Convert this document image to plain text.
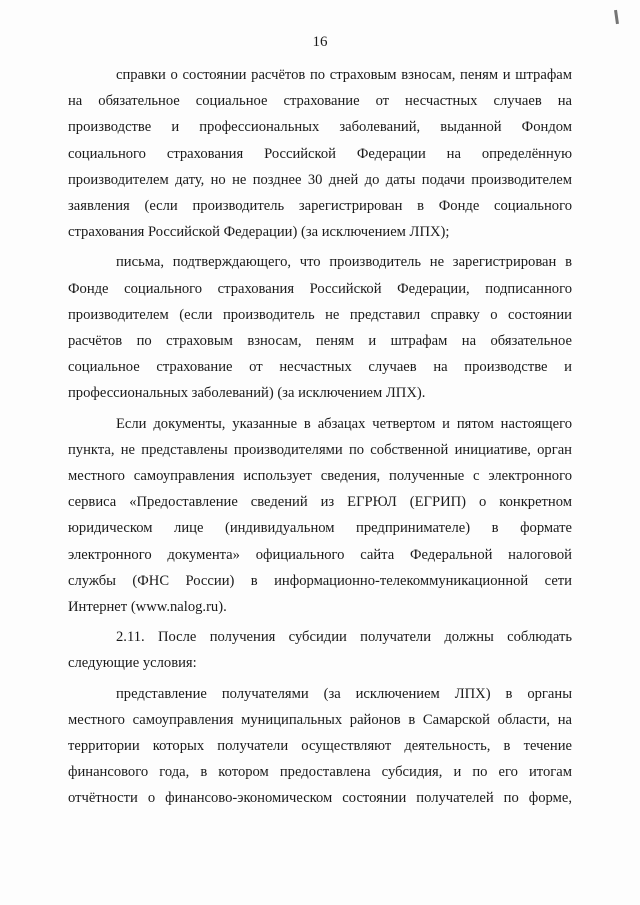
16
справки о состоянии расчётов по страховым взносам, пеням и штрафам
на обязательное социальное страхование от несчастных случаев на
производстве и профессиональных заболеваний, выданной Фондом
социального страхования Российской Федерации на определённую
производителем дату, но не позднее 30 дней до даты подачи производителем
заявления (если производитель зарегистрирован в Фонде социального
страхования Российской Федерации) (за исключением ЛПХ);
письма, подтверждающего, что производитель не зарегистрирован в
Фонде социального страхования Российской Федерации, подписанного
производителем (если производитель не представил справку о состоянии
расчётов по страховым взносам, пеням и штрафам на обязательное
социальное страхование от несчастных случаев на производстве и
профессиональных заболеваний) (за исключением ЛПХ).
Если документы, указанные в абзацах четвертом и пятом настоящего
пункта, не представлены производителями по собственной инициативе, орган
местного самоуправления использует сведения, полученные с электронного
сервиса «Предоставление сведений из ЕГРЮЛ (ЕГРИП) о конкретном
юридическом лице (индивидуальном предпринимателе) в формате
электронного документа» официального сайта Федеральной налоговой
службы (ФНС России) в информационно-телекоммуникационной сети
Интернет (www.nalog.ru).
2.11. После получения субсидии получатели должны соблюдать
следующие условия:
представление получателями (за исключением ЛПХ) в органы
местного самоуправления муниципальных районов в Самарской области, на
территории которых получатели осуществляют деятельность, в течение
финансового года, в котором предоставлена субсидия, и по его итогам
отчётности о финансово-экономическом состоянии получателей по форме,
